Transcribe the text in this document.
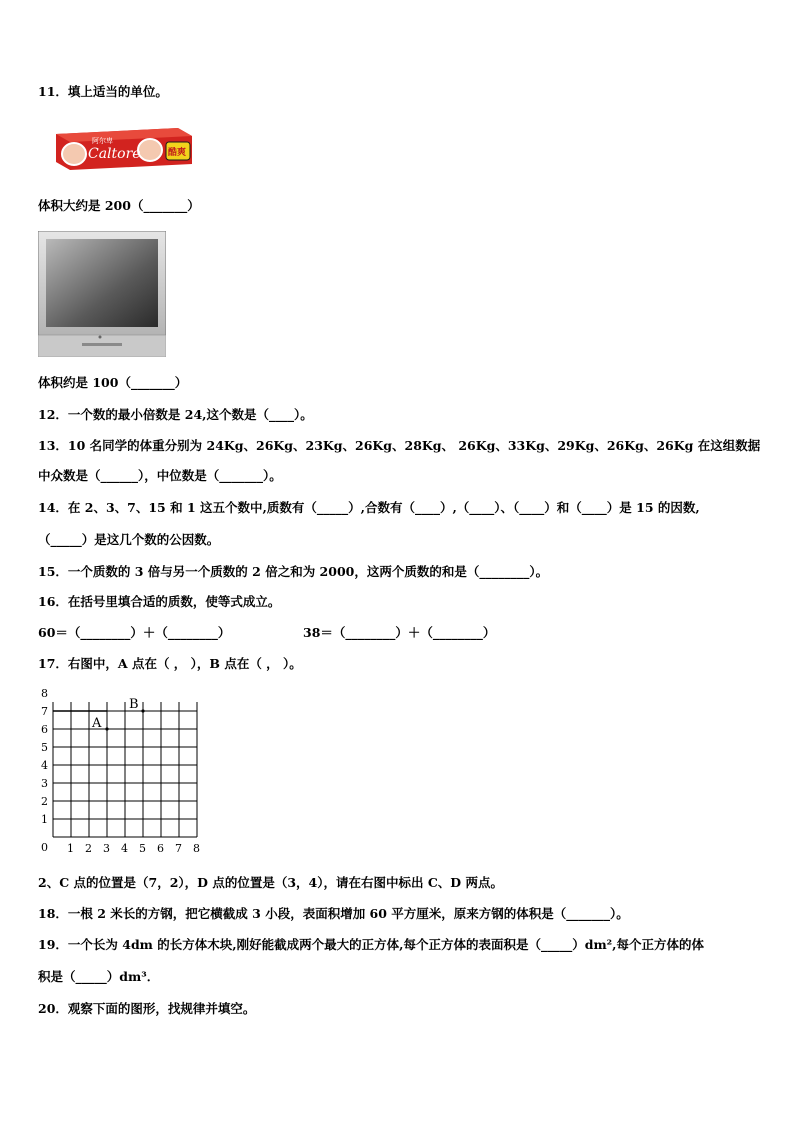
11．填上适当的单位。
阿尔卑
Caltore	酷爽
体积大约是 200（_______）
体积约是 100（_______）
12．一个数的最小倍数是 24,这个数是（____）。
13．10 名同学的体重分别为 24Kg、26Kg、23Kg、26Kg、28Kg、 26Kg、33Kg、29Kg、26Kg、26Kg 在这组数据
中众数是（______），中位数是（_______）。
14．在 2、3、7、15 和 1 这五个数中,质数有（_____）,合数有（____）,（____）、（____）和（____）是 15 的因数,
（_____）是这几个数的公因数。
15．一个质数的 3 倍与另一个质数的 2 倍之和为 2000，这两个质数的和是（________）。
16．在括号里填合适的质数，使等式成立。
60＝（________）＋（________）	38＝（________）＋（________）
17．右图中，A 点在（ ， ），B 点在（ ， ）。
0
1
2
3
4
5
6
7
8
1 2 3 4 5 6 7 8
A
B
2、C 点的位置是（7，2），D 点的位置是（3，4），请在右图中标出 C、D 两点。
18．一根 2 米长的方钢，把它横截成 3 小段，表面积增加 60 平方厘米，原来方钢的体积是（_______）。
19．一个长为 4dm 的长方体木块,刚好能截成两个最大的正方体,每个正方体的表面积是（_____）dm²,每个正方体的体
积是（_____）dm³．
20．观察下面的图形，找规律并填空。
